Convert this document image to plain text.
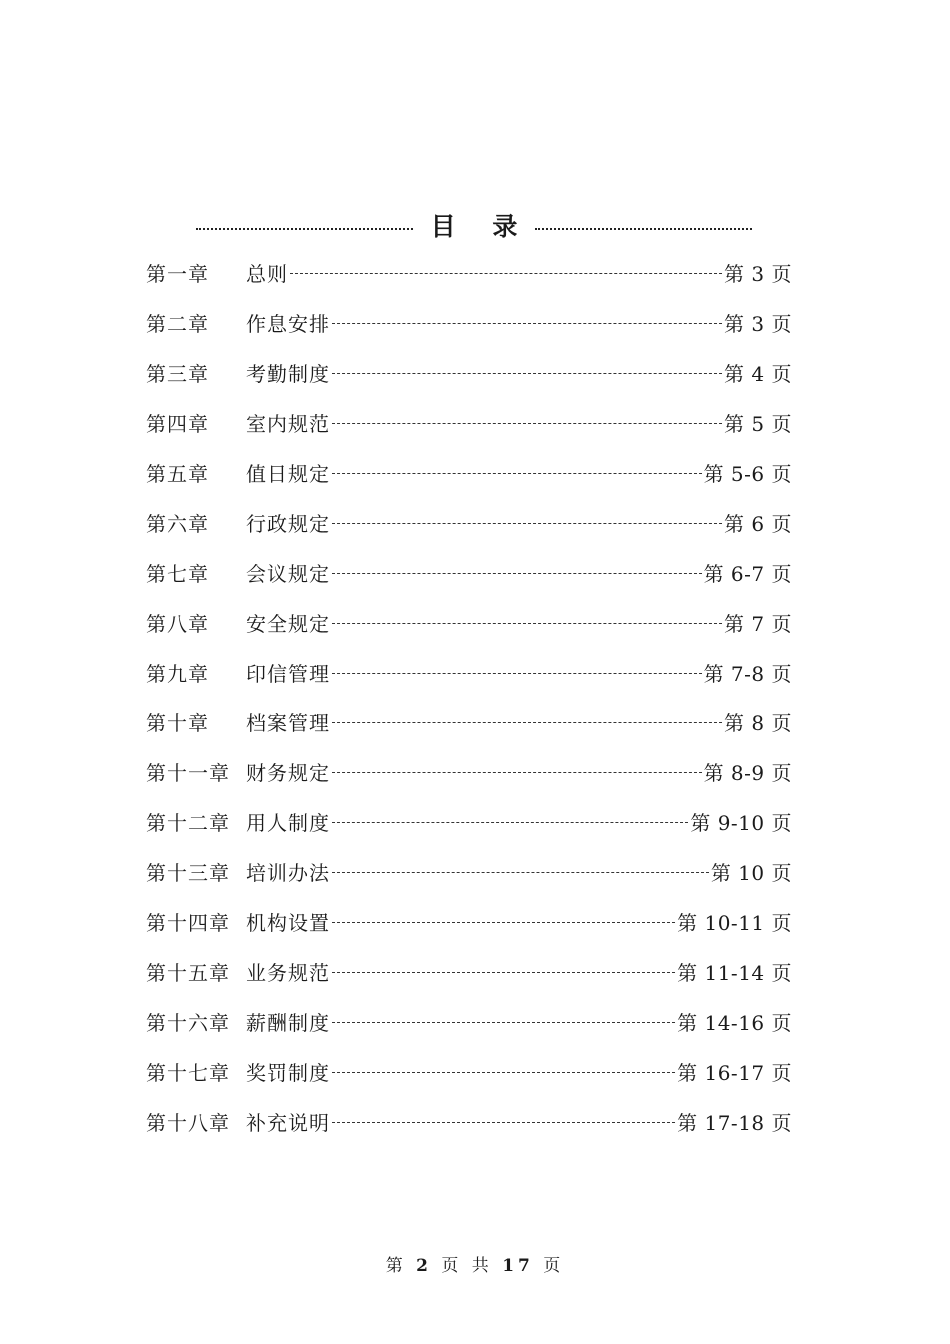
目 录
第一章	总则	第 3 页
第二章	作息安排	第 3 页
第三章	考勤制度	第 4 页
第四章	室内规范	第 5 页
第五章	值日规定	第 5-6 页
第六章	行政规定	第 6 页
第七章	会议规定	第 6-7 页
第八章	安全规定	第 7 页
第九章	印信管理	第 7-8 页
第十章	档案管理	第 8 页
第十一章 财务规定	第 8-9 页
第十二章 用人制度	第 9-10 页
第十三章 培训办法	第 10 页
第十四章 机构设置	第 10-11 页
第十五章 业务规范	第 11-14 页
第十六章 薪酬制度	第 14-16 页
第十七章 奖罚制度	第 16-17 页
第十八章 补充说明	第 17-18 页
第 2 页 共 17 页
